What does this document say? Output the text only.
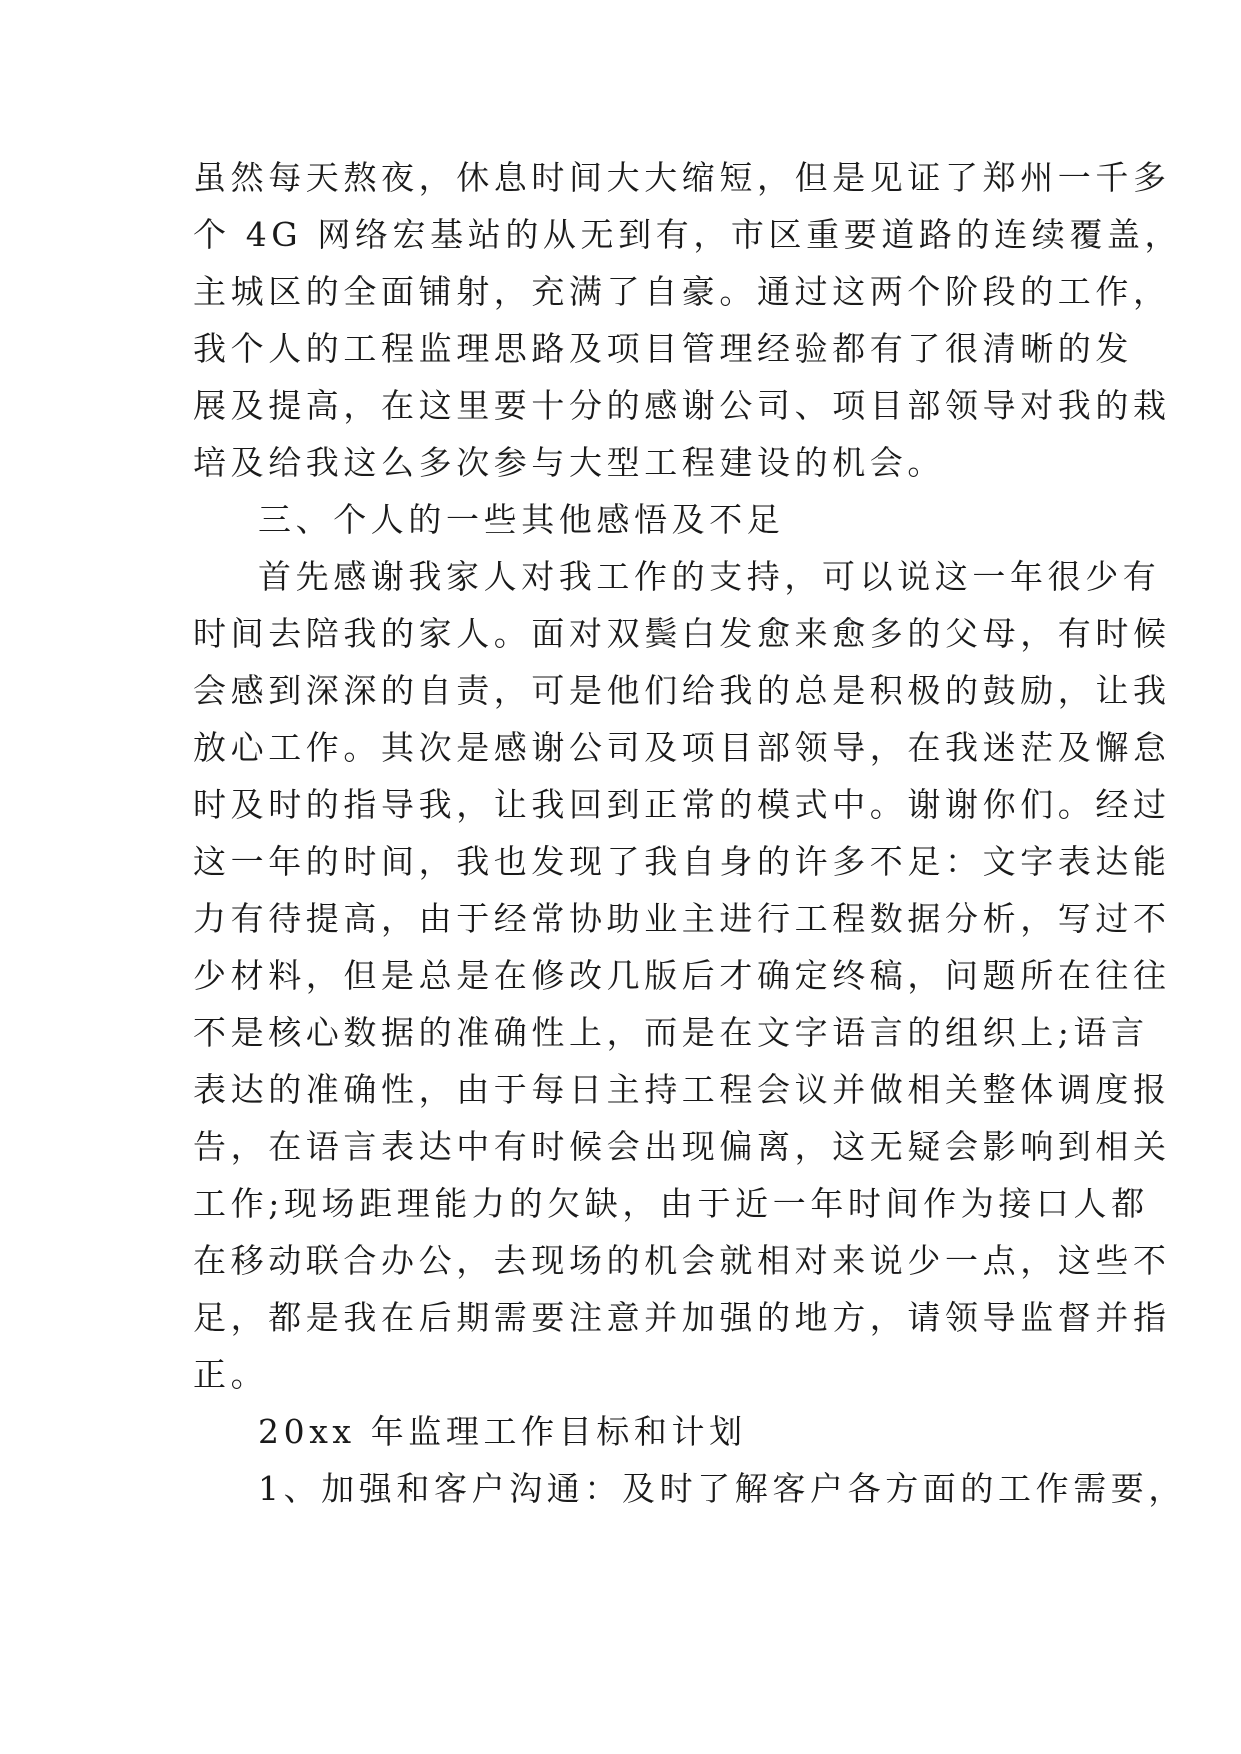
虽然每天熬夜，休息时间大大缩短，但是见证了郑州一千多
个 4G 网络宏基站的从无到有，市区重要道路的连续覆盖，
主城区的全面铺射，充满了自豪。通过这两个阶段的工作，
我个人的工程监理思路及项目管理经验都有了很清晰的发
展及提高，在这里要十分的感谢公司、项目部领导对我的栽
培及给我这么多次参与大型工程建设的机会。
三、个人的一些其他感悟及不足
首先感谢我家人对我工作的支持，可以说这一年很少有
时间去陪我的家人。面对双鬓白发愈来愈多的父母，有时候
会感到深深的自责，可是他们给我的总是积极的鼓励，让我
放心工作。其次是感谢公司及项目部领导，在我迷茫及懈怠
时及时的指导我，让我回到正常的模式中。谢谢你们。经过
这一年的时间，我也发现了我自身的许多不足：文字表达能
力有待提高，由于经常协助业主进行工程数据分析，写过不
少材料，但是总是在修改几版后才确定终稿，问题所在往往
不是核心数据的准确性上，而是在文字语言的组织上;语言
表达的准确性，由于每日主持工程会议并做相关整体调度报
告，在语言表达中有时候会出现偏离，这无疑会影响到相关
工作;现场距理能力的欠缺，由于近一年时间作为接口人都
在移动联合办公，去现场的机会就相对来说少一点，这些不
足，都是我在后期需要注意并加强的地方，请领导监督并指
正。
20xx 年监理工作目标和计划
1、加强和客户沟通：及时了解客户各方面的工作需要，
